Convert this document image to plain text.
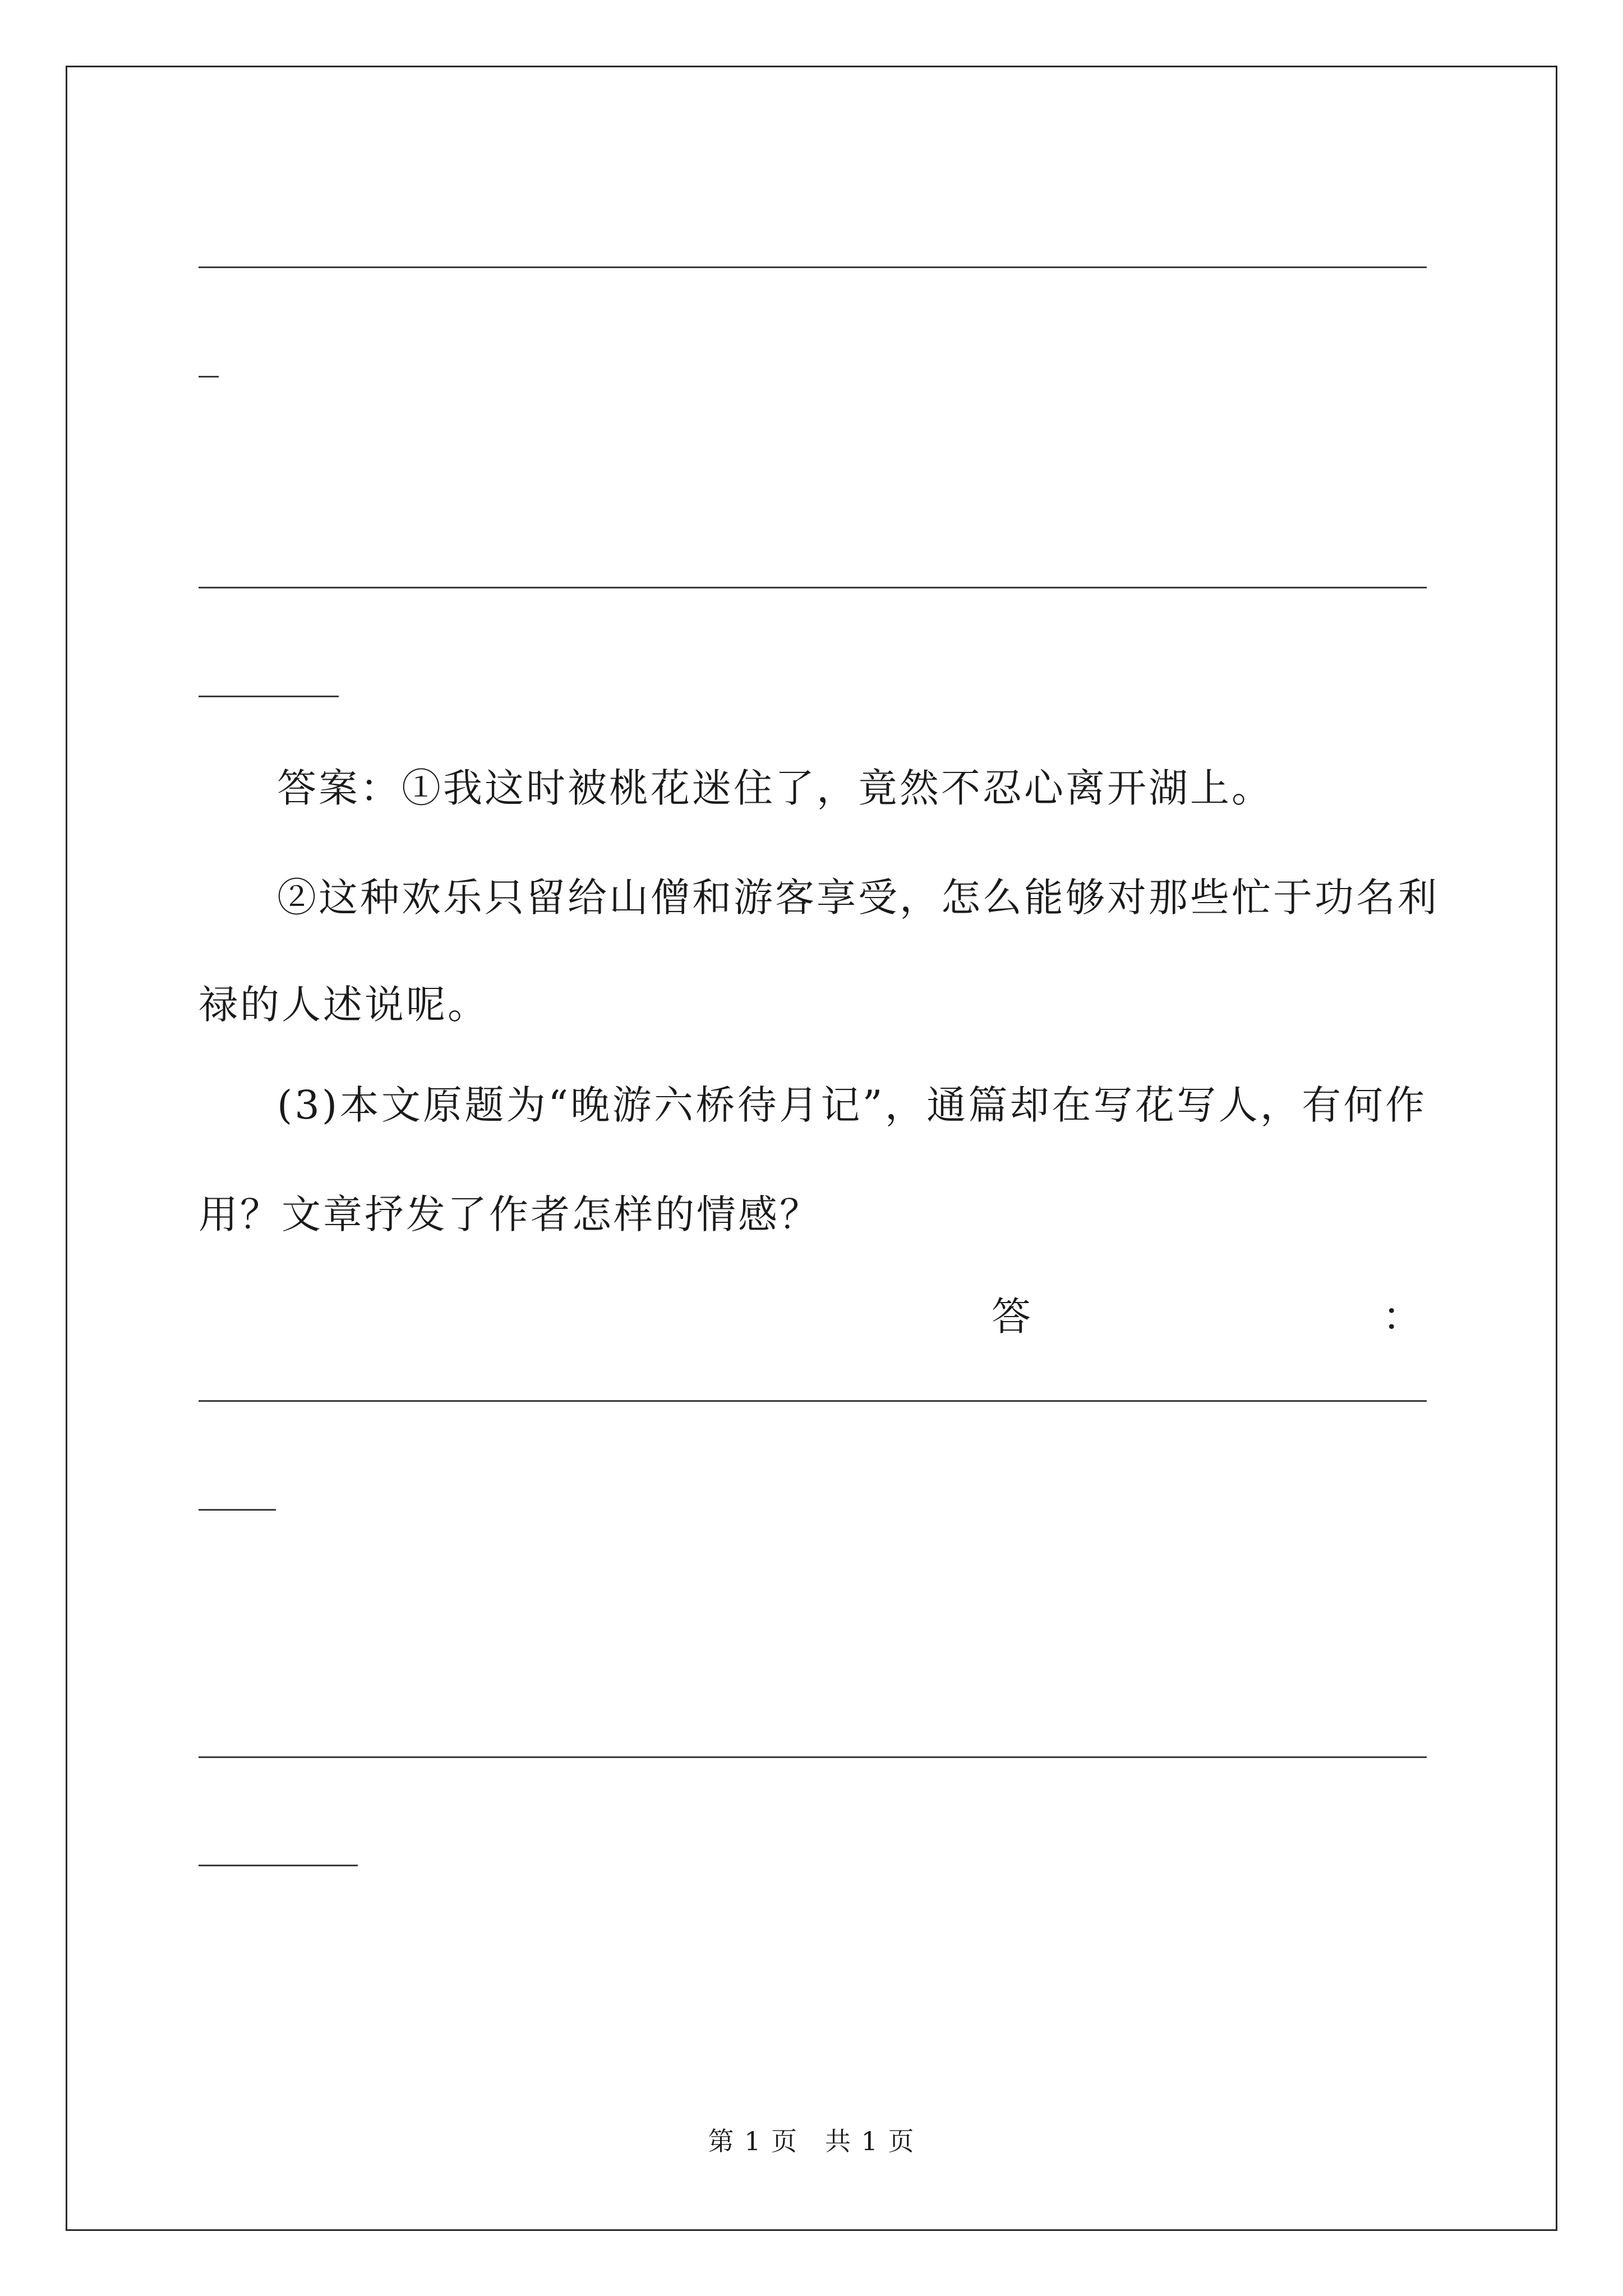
答案：①我这时被桃花迷住了，竟然不忍心离开湖上。
②这种欢乐只留给山僧和游客享受，怎么能够对那些忙于功名利
禄的人述说呢。
(3)本文原题为“晚游六桥待月记”，通篇却在写花写人，有何作
用？文章抒发了作者怎样的情感？
答	：
第 1 页　共 1 页
